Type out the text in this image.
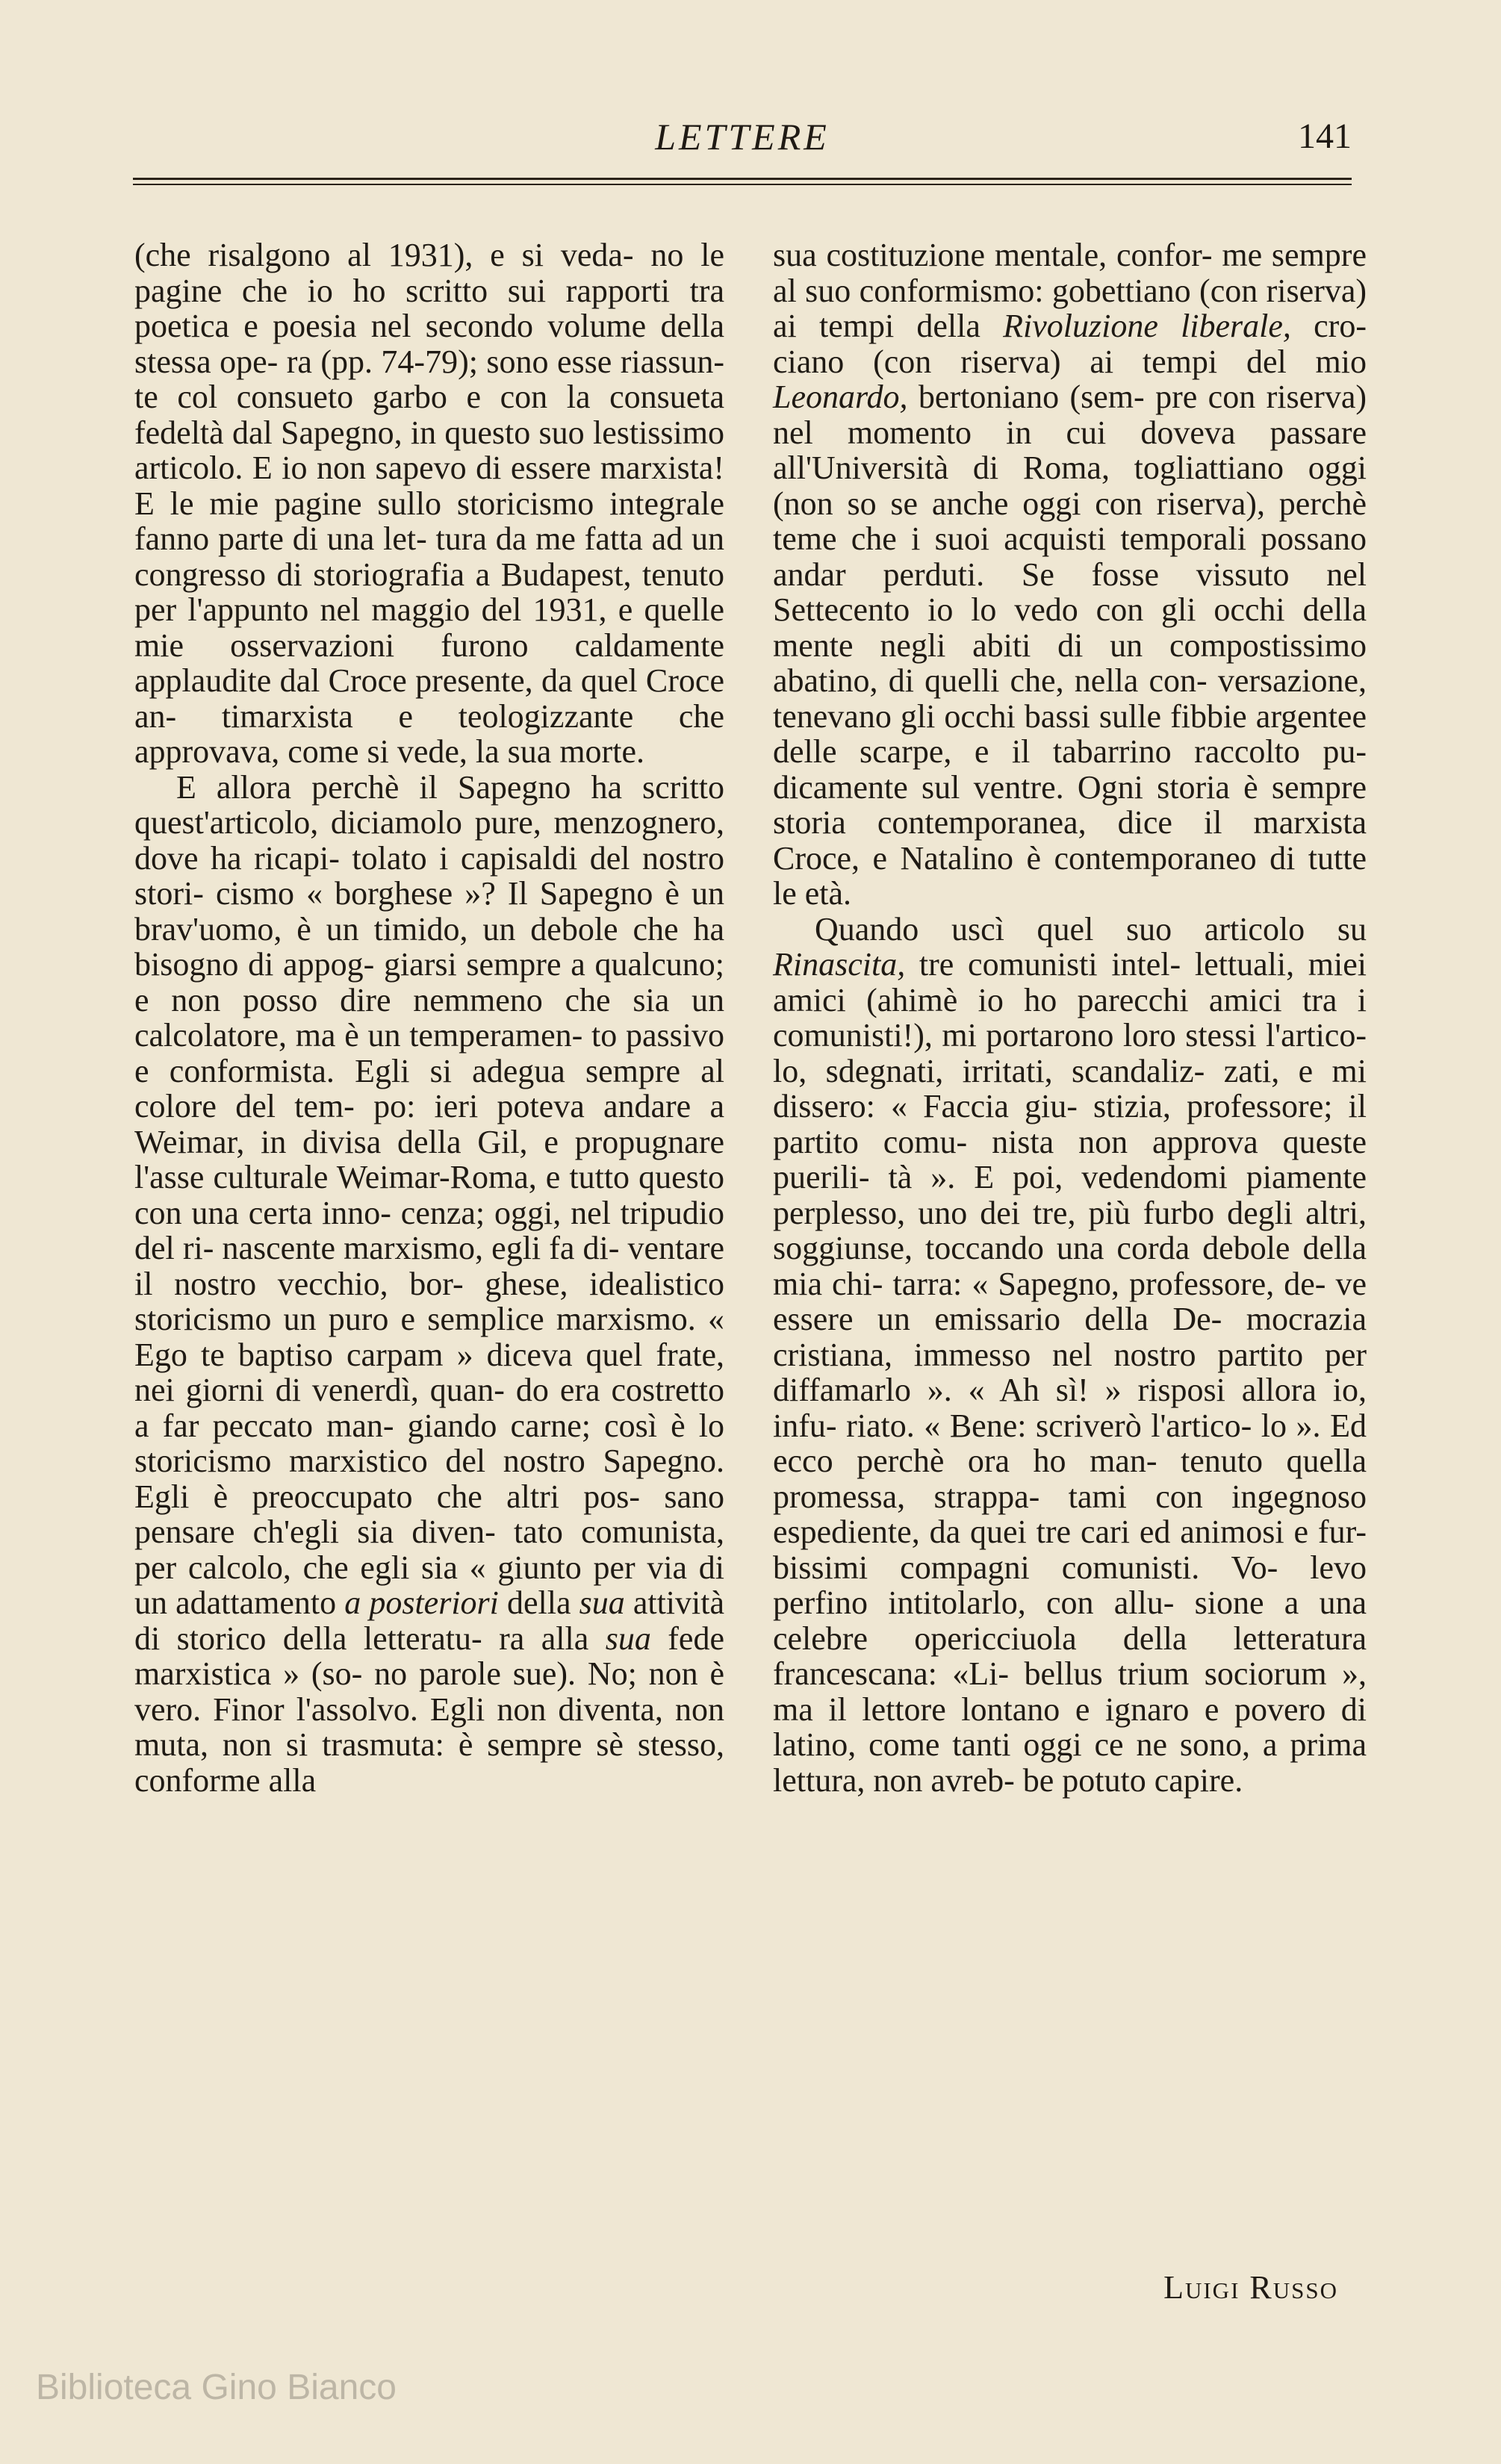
LETTERE	141

(che risalgono al 1931), e si veda- no le pagine che io ho scritto sui rapporti tra poetica e poesia nel secondo volume della stessa ope- ra (pp. 74-79); sono esse riassun- te col consueto garbo e con la consueta fedeltà dal Sapegno, in questo suo lestissimo articolo. E io non sapevo di essere marxista! E le mie pagine sullo storicismo integrale fanno parte di una let- tura da me fatta ad un congresso di storiografia a Budapest, tenuto per l'appunto nel maggio del 1931, e quelle mie osservazioni furono caldamente applaudite dal Croce presente, da quel Croce an- timarxista e teologizzante che approvava, come si vede, la sua morte.

E allora perchè il Sapegno ha scritto quest'articolo, diciamolo pure, menzognero, dove ha ricapi- tolato i capisaldi del nostro stori- cismo « borghese »? Il Sapegno è un brav'uomo, è un timido, un debole che ha bisogno di appog- giarsi sempre a qualcuno; e non posso dire nemmeno che sia un calcolatore, ma è un temperamen- to passivo e conformista. Egli si adegua sempre al colore del tem- po: ieri poteva andare a Weimar, in divisa della Gil, e propugnare l'asse culturale Weimar-Roma, e tutto questo con una certa inno- cenza; oggi, nel tripudio del ri- nascente marxismo, egli fa di- ventare il nostro vecchio, bor- ghese, idealistico storicismo un puro e semplice marxismo. « Ego te baptiso carpam » diceva quel frate, nei giorni di venerdì, quan- do era costretto a far peccato man- giando carne; così è lo storicismo marxistico del nostro Sapegno. Egli è preoccupato che altri pos- sano pensare ch'egli sia diven- tato comunista, per calcolo, che egli sia « giunto per via di un adattamento a posteriori della sua attività di storico della letteratu- ra alla sua fede marxistica » (so- no parole sue). No; non è vero. Finor l'assolvo. Egli non diventa, non muta, non si trasmuta: è sempre sè stesso, conforme alla

sua costituzione mentale, confor- me sempre al suo conformismo: gobettiano (con riserva) ai tempi della Rivoluzione liberale, cro- ciano (con riserva) ai tempi del mio Leonardo, bertoniano (sem- pre con riserva) nel momento in cui doveva passare all'Università di Roma, togliattiano oggi (non so se anche oggi con riserva), perchè teme che i suoi acquisti temporali possano andar perduti. Se fosse vissuto nel Settecento io lo vedo con gli occhi della mente negli abiti di un compostissimo abatino, di quelli che, nella con- versazione, tenevano gli occhi bassi sulle fibbie argentee delle scarpe, e il tabarrino raccolto pu- dicamente sul ventre. Ogni storia è sempre storia contemporanea, dice il marxista Croce, e Natalino è contemporaneo di tutte le età.

Quando uscì quel suo articolo su Rinascita, tre comunisti intel- lettuali, miei amici (ahimè io ho parecchi amici tra i comunisti!), mi portarono loro stessi l'artico- lo, sdegnati, irritati, scandaliz- zati, e mi dissero: « Faccia giu- stizia, professore; il partito comu- nista non approva queste puerili- tà ». E poi, vedendomi piamente perplesso, uno dei tre, più furbo degli altri, soggiunse, toccando una corda debole della mia chi- tarra: « Sapegno, professore, de- ve essere un emissario della De- mocrazia cristiana, immesso nel nostro partito per diffamarlo ». « Ah sì! » risposi allora io, infu- riato. « Bene: scriverò l'artico- lo ». Ed ecco perchè ora ho man- tenuto quella promessa, strappa- tami con ingegnoso espediente, da quei tre cari ed animosi e fur- bissimi compagni comunisti. Vo- levo perfino intitolarlo, con allu- sione a una celebre opericciuola della letteratura francescana: «Li- bellus trium sociorum », ma il lettore lontano e ignaro e povero di latino, come tanti oggi ce ne sono, a prima lettura, non avreb- be potuto capire.

Luigi Russo
Biblioteca Gino Bianco
